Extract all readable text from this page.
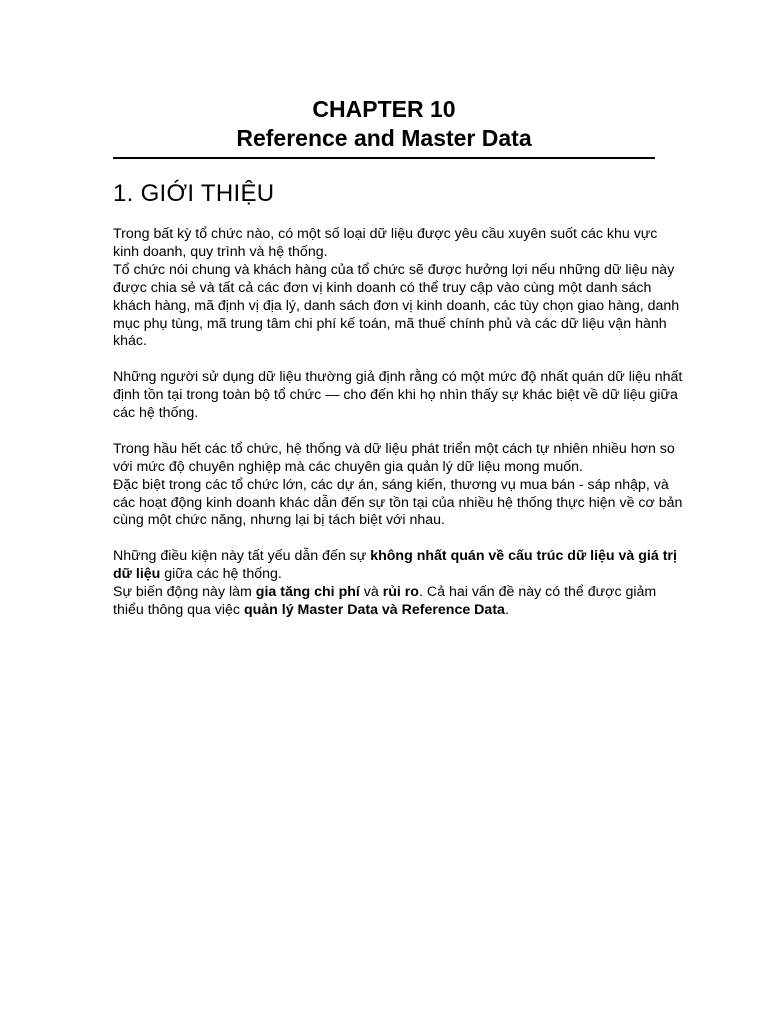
CHAPTER 10
Reference and Master Data
1. GIỚI THIỆU

Trong bất kỳ tổ chức nào, có một số loại dữ liệu được yêu cầu xuyên suốt các khu vực kinh doanh, quy trình và hệ thống.

Tổ chức nói chung và khách hàng của tổ chức sẽ được hưởng lợi nếu những dữ liệu này được chia sẻ và tất cả các đơn vị kinh doanh có thể truy cập vào cùng một danh sách khách hàng, mã định vị địa lý, danh sách đơn vị kinh doanh, các tùy chọn giao hàng, danh mục phụ tùng, mã trung tâm chi phí kế toán, mã thuế chính phủ và các dữ liệu vận hành khác.

Những người sử dụng dữ liệu thường giả định rằng có một mức độ nhất quán dữ liệu nhất định tồn tại trong toàn bộ tổ chức — cho đến khi họ nhìn thấy sự khác biệt về dữ liệu giữa các hệ thống.

Trong hầu hết các tổ chức, hệ thống và dữ liệu phát triển một cách tự nhiên nhiều hơn so với mức độ chuyên nghiệp mà các chuyên gia quản lý dữ liệu mong muốn.

Đặc biệt trong các tổ chức lớn, các dự án, sáng kiến, thương vụ mua bán - sáp nhập, và các hoạt động kinh doanh khác dẫn đến sự tồn tại của nhiều hệ thống thực hiện về cơ bản cùng một chức năng, nhưng lại bị tách biệt với nhau.

Những điều kiện này tất yếu dẫn đến sự không nhất quán về cấu trúc dữ liệu và giá trị dữ liệu giữa các hệ thống.

Sự biến động này làm gia tăng chi phí và rủi ro. Cả hai vấn đề này có thể được giảm thiểu thông qua việc quản lý Master Data và Reference Data.
